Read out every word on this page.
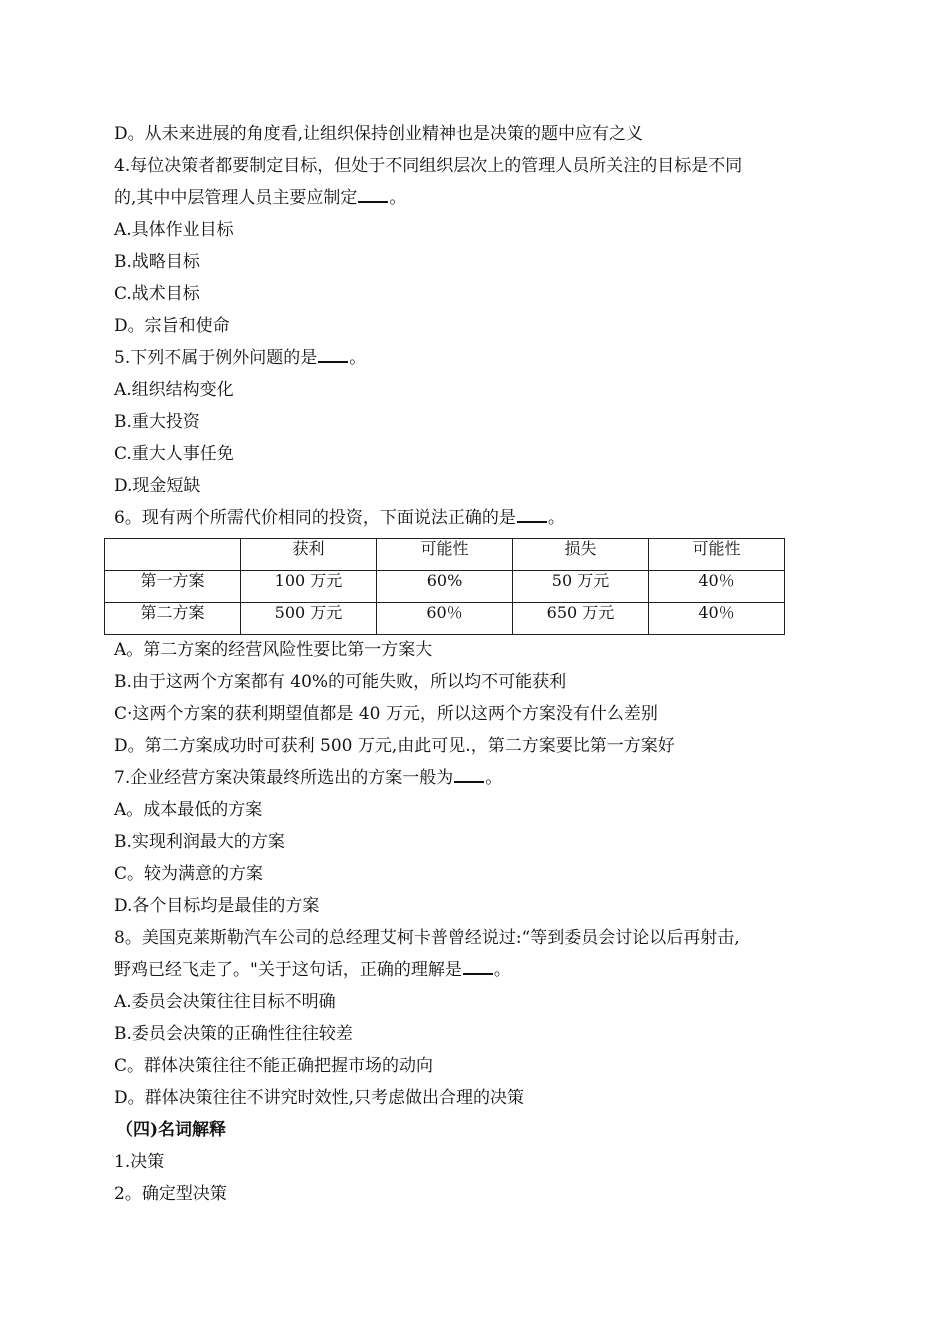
D。从未来进展的角度看,让组织保持创业精神也是决策的题中应有之义
4.每位决策者都要制定目标，但处于不同组织层次上的管理人员所关注的目标是不同
的,其中中层管理人员主要应制定 。
A.具体作业目标
B.战略目标
C.战术目标
D。宗旨和使命
5.下列不属于例外问题的是 。
A.组织结构变化
B.重大投资
C.重大人事任免
D.现金短缺
6。现有两个所需代价相同的投资，下面说法正确的是 。
	获利	可能性	损失	可能性
第一方案	100 万元	60%	50 万元	40％
第二方案	500 万元	60％	650 万元	40％
A。第二方案的经营风险性要比第一方案大
B.由于这两个方案都有 40%的可能失败，所以均不可能获利
C·这两个方案的获利期望值都是 40 万元，所以这两个方案没有什么差别
D。第二方案成功时可获利 500 万元,由此可见.，第二方案要比第一方案好
7.企业经营方案决策最终所选出的方案一般为 。
A。成本最低的方案
B.实现利润最大的方案
C。较为满意的方案
D.各个目标均是最佳的方案
8。美国克莱斯勒汽车公司的总经理艾柯卡普曾经说过:“等到委员会讨论以后再射击,
野鸡已经飞走了。"关于这句话，正确的理解是 。
A.委员会决策往往目标不明确
B.委员会决策的正确性往往较差
C。群体决策往往不能正确把握市场的动向
D。群体决策往往不讲究时效性,只考虑做出合理的决策
（四)名词解释
1.决策
2。确定型决策
